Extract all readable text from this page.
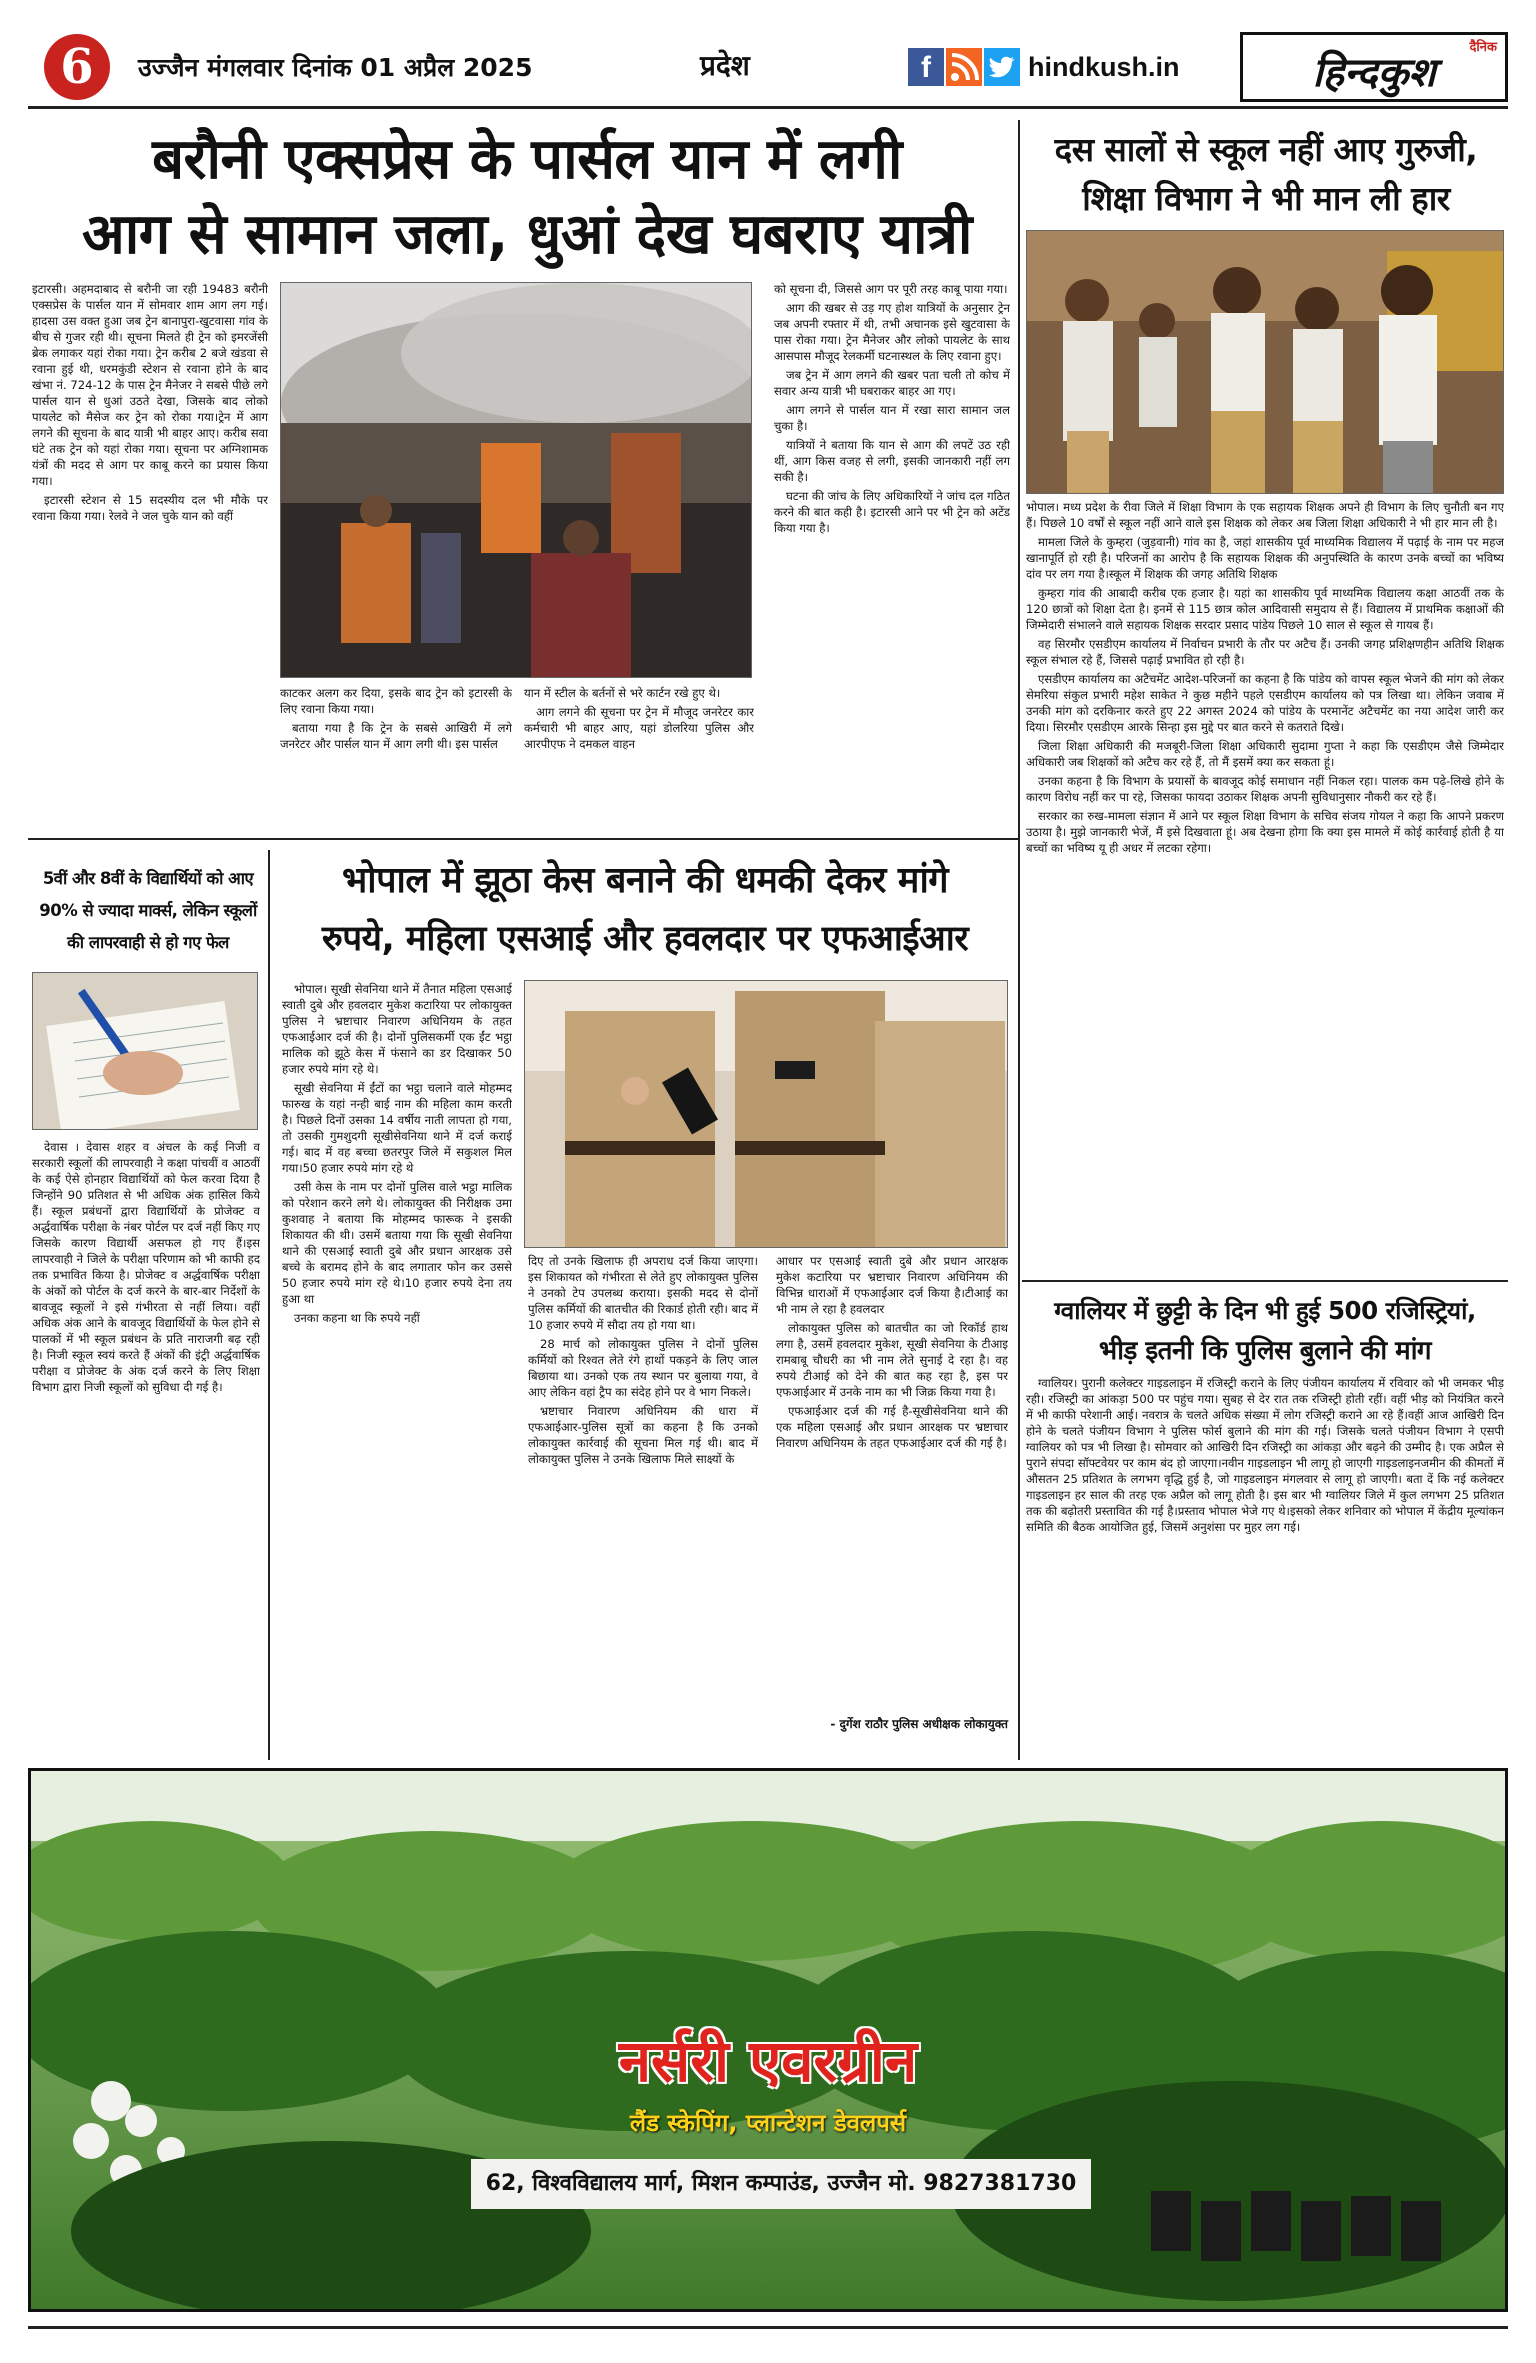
6	उज्जैन मंगलवार दिनांक 01 अप्रैल 2025	प्रदेश	f	hindkush.in
दैनिक
हिन्दकुश
बरौनी एक्सप्रेस के पार्सल यान में लगी
आग से सामान जला, धुआं देख घबराए यात्री

इटारसी। अहमदाबाद से बरौनी जा रही 19483 बरौनी एक्सप्रेस के पार्सल यान में सोमवार शाम आग लग गई। हादसा उस वक्त हुआ जब ट्रेन बानापुरा-खुटवासा गांव के बीच से गुजर रही थी। सूचना मिलते ही ट्रेन को इमरजेंसी ब्रेक लगाकर यहां रोका गया। ट्रेन करीब 2 बजे खंडवा से रवाना हुई थी, धरमकुंडी स्टेशन से रवाना होने के बाद खंभा नं. 724-12 के पास ट्रेन मैनेजर ने सबसे पीछे लगे पार्सल यान से धुआं उठते देखा, जिसके बाद लोको पायलेट को मैसेज कर ट्रेन को रोका गया।ट्रेन में आग लगने की सूचना के बाद यात्री भी बाहर आए। करीब सवा घंटे तक ट्रेन को यहां रोका गया। सूचना पर अग्निशामक यंत्रों की मदद से आग पर काबू करने का प्रयास किया गया।

इटारसी स्टेशन से 15 सदस्यीय दल भी मौके पर रवाना किया गया। रेलवे ने जल चुके यान को वहीं

काटकर अलग कर दिया, इसके बाद ट्रेन को इटारसी के लिए रवाना किया गया।

बताया गया है कि ट्रेन के सबसे आखिरी में लगे जनरेटर और पार्सल यान में आग लगी थी। इस पार्सल

यान में स्टील के बर्तनों से भरे कार्टन रखे हुए थे।

आग लगने की सूचना पर ट्रेन में मौजूद जनरेटर कार कर्मचारी भी बाहर आए, यहां डोलरिया पुलिस और आरपीएफ ने दमकल वाहन

को सूचना दी, जिससे आग पर पूरी तरह काबू पाया गया।

आग की खबर से उड़ गए होश यात्रियों के अनुसार ट्रेन जब अपनी रफ्तार में थी, तभी अचानक इसे खुटवासा के पास रोका गया। ट्रेन मैनेजर और लोको पायलेट के साथ आसपास मौजूद रेलकर्मी घटनास्थल के लिए रवाना हुए।

जब ट्रेन में आग लगने की खबर पता चली तो कोच में सवार अन्य यात्री भी घबराकर बाहर आ गए।

आग लगने से पार्सल यान में रखा सारा सामान जल चुका है।

यात्रियों ने बताया कि यान से आग की लपटें उठ रही थीं, आग किस वजह से लगी, इसकी जानकारी नहीं लग सकी है।

घटना की जांच के लिए अधिकारियों ने जांच दल गठित करने की बात कही है। इटारसी आने पर भी ट्रेन को अटेंड किया गया है।

दस सालों से स्कूल नहीं आए गुरुजी,
शिक्षा विभाग ने भी मान ली हार

भोपाल। मध्य प्रदेश के रीवा जिले में शिक्षा विभाग के एक सहायक शिक्षक अपने ही विभाग के लिए चुनौती बन गए हैं। पिछले 10 वर्षों से स्कूल नहीं आने वाले इस शिक्षक को लेकर अब जिला शिक्षा अधिकारी ने भी हार मान ली है।

मामला जिले के कुम्हरा (जुड़वानी) गांव का है, जहां शासकीय पूर्व माध्यमिक विद्यालय में पढ़ाई के नाम पर महज खानापूर्ति हो रही है। परिजनों का आरोप है कि सहायक शिक्षक की अनुपस्थिति के कारण उनके बच्चों का भविष्य दांव पर लग गया है।स्कूल में शिक्षक की जगह अतिथि शिक्षक

कुम्हरा गांव की आबादी करीब एक हजार है। यहां का शासकीय पूर्व माध्यमिक विद्यालय कक्षा आठवीं तक के 120 छात्रों को शिक्षा देता है। इनमें से 115 छात्र कोल आदिवासी समुदाय से हैं। विद्यालय में प्राथमिक कक्षाओं की जिम्मेदारी संभालने वाले सहायक शिक्षक सरदार प्रसाद पांडेय पिछले 10 साल से स्कूल से गायब हैं।

वह सिरमौर एसडीएम कार्यालय में निर्वाचन प्रभारी के तौर पर अटैच हैं। उनकी जगह प्रशिक्षणहीन अतिथि शिक्षक स्कूल संभाल रहे हैं, जिससे पढ़ाई प्रभावित हो रही है।

एसडीएम कार्यालय का अटैचमेंट आदेश-परिजनों का कहना है कि पांडेय को वापस स्कूल भेजने की मांग को लेकर सेमरिया संकुल प्रभारी महेश साकेत ने कुछ महीने पहले एसडीएम कार्यालय को पत्र लिखा था। लेकिन जवाब में उनकी मांग को दरकिनार करते हुए 22 अगस्त 2024 को पांडेय के परमानेंट अटैचमेंट का नया आदेश जारी कर दिया। सिरमौर एसडीएम आरके सिन्हा इस मुद्दे पर बात करने से कतराते दिखे।

जिला शिक्षा अधिकारी की मजबूरी-जिला शिक्षा अधिकारी सुदामा गुप्ता ने कहा कि एसडीएम जैसे जिम्मेदार अधिकारी जब शिक्षकों को अटैच कर रहे हैं, तो मैं इसमें क्या कर सकता हूं।

उनका कहना है कि विभाग के प्रयासों के बावजूद कोई समाधान नहीं निकल रहा। पालक कम पढ़े-लिखे होने के कारण विरोध नहीं कर पा रहे, जिसका फायदा उठाकर शिक्षक अपनी सुविधानुसार नौकरी कर रहे हैं।

सरकार का रुख-मामला संज्ञान में आने पर स्कूल शिक्षा विभाग के सचिव संजय गोयल ने कहा कि आपने प्रकरण उठाया है। मुझे जानकारी भेजें, मैं इसे दिखवाता हूं। अब देखना होगा कि क्या इस मामले में कोई कार्रवाई होती है या बच्चों का भविष्य यू ही अधर में लटका रहेगा।

ग्वालियर में छुट्टी के दिन भी हुई 500 रजिस्ट्रियां,
भीड़ इतनी कि पुलिस बुलाने की मांग

ग्वालियर। पुरानी कलेक्टर गाइडलाइन में रजिस्ट्री कराने के लिए पंजीयन कार्यालय में रविवार को भी जमकर भीड़ रही। रजिस्ट्री का आंकड़ा 500 पर पहुंच गया। सुबह से देर रात तक रजिस्ट्री होती रहीं। वहीं भीड़ को नियंत्रित करने में भी काफी परेशानी आई। नवरात्र के चलते अधिक संख्या में लोग रजिस्ट्री कराने आ रहे हैं।वहीं आज आखिरी दिन होने के चलते पंजीयन विभाग ने पुलिस फोर्स बुलाने की मांग की गई। जिसके चलते पंजीयन विभाग ने एसपी ग्वालियर को पत्र भी लिखा है। सोमवार को आखिरी दिन रजिस्ट्री का आंकड़ा और बढ़ने की उम्मीद है। एक अप्रैल से पुराने संपदा सॉफ्टवेयर पर काम बंद हो जाएगा।नवीन गाइडलाइन भी लागू हो जाएगी गाइडलाइनजमीन की कीमतों में औसतन 25 प्रतिशत के लगभग वृद्धि हुई है, जो गाइडलाइन मंगलवार से लागू हो जाएगी। बता दें कि नई कलेक्टर गाइडलाइन हर साल की तरह एक अप्रैल को लागू होती है। इस बार भी ग्वालियर जिले में कुल लगभग 25 प्रतिशत तक की बढ़ोतरी प्रस्तावित की गई है।प्रस्ताव भोपाल भेजे गए थे।इसको लेकर शनिवार को भोपाल में केंद्रीय मूल्यांकन समिति की बैठक आयोजित हुई, जिसमें अनुशंसा पर मुहर लग गई।

5वीं और 8वीं के विद्यार्थियों को आए
90% से ज्यादा मार्क्स, लेकिन स्कूलों
की लापरवाही से हो गए फेल

देवास । देवास शहर व अंचल के कई निजी व सरकारी स्कूलों की लापरवाही ने कक्षा पांचवीं व आठवीं के कई ऐसे होनहार विद्यार्थियों को फेल करवा दिया है जिन्होंने 90 प्रतिशत से भी अधिक अंक हासिल किये हैं। स्कूल प्रबंधनों द्वारा विद्यार्थियों के प्रोजेक्ट व अर्द्धवार्षिक परीक्षा के नंबर पोर्टल पर दर्ज नहीं किए गए जिसके कारण विद्यार्थी असफल हो गए हैं।इस लापरवाही ने जिले के परीक्षा परिणाम को भी काफी हद तक प्रभावित किया है। प्रोजेक्ट व अर्द्धवार्षिक परीक्षा के अंकों को पोर्टल के दर्ज करने के बार-बार निर्देशों के बावजूद स्कूलों ने इसे गंभीरता से नहीं लिया। वहीं अधिक अंक आने के बावजूद विद्यार्थियों के फेल होने से पालकों में भी स्कूल प्रबंधन के प्रति नाराजगी बढ़ रही है। निजी स्कूल स्वयं करते हैं अंकों की इंट्री अर्द्धवार्षिक परीक्षा व प्रोजेक्ट के अंक दर्ज करने के लिए शिक्षा विभाग द्वारा निजी स्कूलों को सुविधा दी गई है।

भोपाल में झूठा केस बनाने की धमकी देकर मांगे
रुपये, महिला एसआई और हवलदार पर एफआईआर

भोपाल। सूखी सेवनिया थाने में तैनात महिला एसआई स्वाती दुबे और हवलदार मुकेश कटारिया पर लोकायुक्त पुलिस ने भ्रष्टाचार निवारण अधिनियम के तहत एफआईआर दर्ज की है। दोनों पुलिसकर्मी एक ईंट भट्ठा मालिक को झूठे केस में फंसाने का डर दिखाकर 50 हजार रुपये मांग रहे थे।

सूखी सेवनिया में ईंटों का भट्ठा चलाने वाले मोहम्मद फारुख के यहां नन्ही बाई नाम की महिला काम करती है। पिछले दिनों उसका 14 वर्षीय नाती लापता हो गया, तो उसकी गुमशुदगी सूखीसेवनिया थाने में दर्ज कराई गई। बाद में वह बच्चा छतरपुर जिले में सकुशल मिल गया।50 हजार रुपये मांग रहे थे

उसी केस के नाम पर दोनों पुलिस वाले भट्ठा मालिक को परेशान करने लगे थे। लोकायुक्त की निरीक्षक उमा कुशवाह ने बताया कि मोहम्मद फारूक ने इसकी शिकायत की थी। उसमें बताया गया कि सूखी सेवनिया थाने की एसआई स्वाती दुबे और प्रधान आरक्षक उसे बच्चे के बरामद होने के बाद लगातार फोन कर उससे 50 हजार रुपये मांग रहे थे।10 हजार रुपये देना तय हुआ था

उनका कहना था कि रुपये नहीं

दिए तो उनके खिलाफ ही अपराध दर्ज किया जाएगा। इस शिकायत को गंभीरता से लेते हुए लोकायुक्त पुलिस ने उनको टेप उपलब्ध कराया। इसकी मदद से दोनों पुलिस कर्मियों की बातचीत की रिकार्ड होती रही। बाद में 10 हजार रुपये में सौदा तय हो गया था।

28 मार्च को लोकायुक्त पुलिस ने दोनों पुलिस कर्मियों को रिश्वत लेते रंगे हाथों पकड़ने के लिए जाल बिछाया था। उनको एक तय स्थान पर बुलाया गया, वे आए लेकिन वहां ट्रैप का संदेह होने पर वे भाग निकले।

भ्रष्टाचार निवारण अधिनियम की धारा में एफआईआर-पुलिस सूत्रों का कहना है कि उनको लोकायुक्त कार्रवाई की सूचना मिल गई थी। बाद में लोकायुक्त पुलिस ने उनके खिलाफ मिले साक्ष्यों के

आधार पर एसआई स्वाती दुबे और प्रधान आरक्षक मुकेश कटारिया पर भ्रष्टाचार निवारण अधिनियम की विभिन्न धाराओं में एफआईआर दर्ज किया है।टीआई का भी नाम ले रहा है हवलदार

लोकायुक्त पुलिस को बातचीत का जो रिकॉर्ड हाथ लगा है, उसमें हवलदार मुकेश, सूखी सेवनिया के टीआइ रामबाबू चौधरी का भी नाम लेते सुनाई दे रहा है। वह रुपये टीआई को देने की बात कह रहा है, इस पर एफआईआर में उनके नाम का भी जिक्र किया गया है।

एफआईआर दर्ज की गई है-सूखीसेवनिया थाने की एक महिला एसआई और प्रधान आरक्षक पर भ्रष्टाचार निवारण अधिनियम के तहत एफआईआर दर्ज की गई है।

- दुर्गेश राठौर पुलिस अधीक्षक लोकायुक्त
नर्सरी एवरग्रीन
लैंड स्केपिंग, प्लान्टेशन डेवलपर्स
62, विश्वविद्यालय मार्ग, मिशन कम्पाउंड, उज्जैन मो. 9827381730
